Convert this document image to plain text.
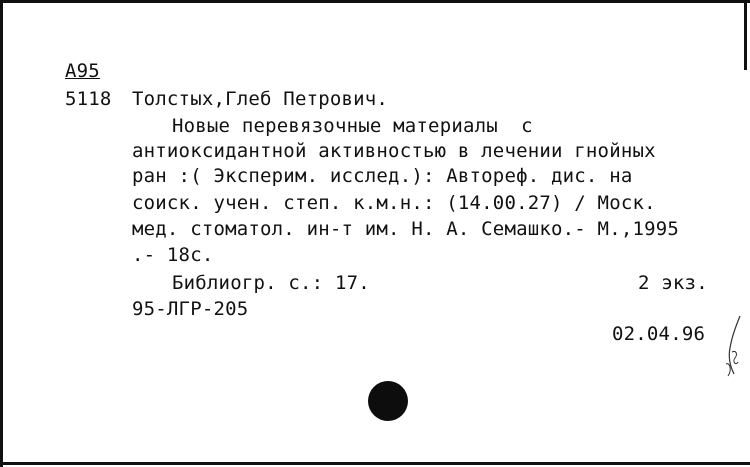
А95
5118 Толстых,Глеб Петрович.
Новые перевязочные материалы  с
антиоксидантной активностью в лечении гнойных
ран :( Эксперим. исслед.): Автореф. дис. на
соиск. учен. степ. к.м.н.: (14.00.27) / Моск.
мед. стоматол. ин-т им. Н. А. Семашко.- М.,1995
.- 18с.
Библиогр. с.: 17.	2 экз.
95-ЛГР-205
02.04.96
